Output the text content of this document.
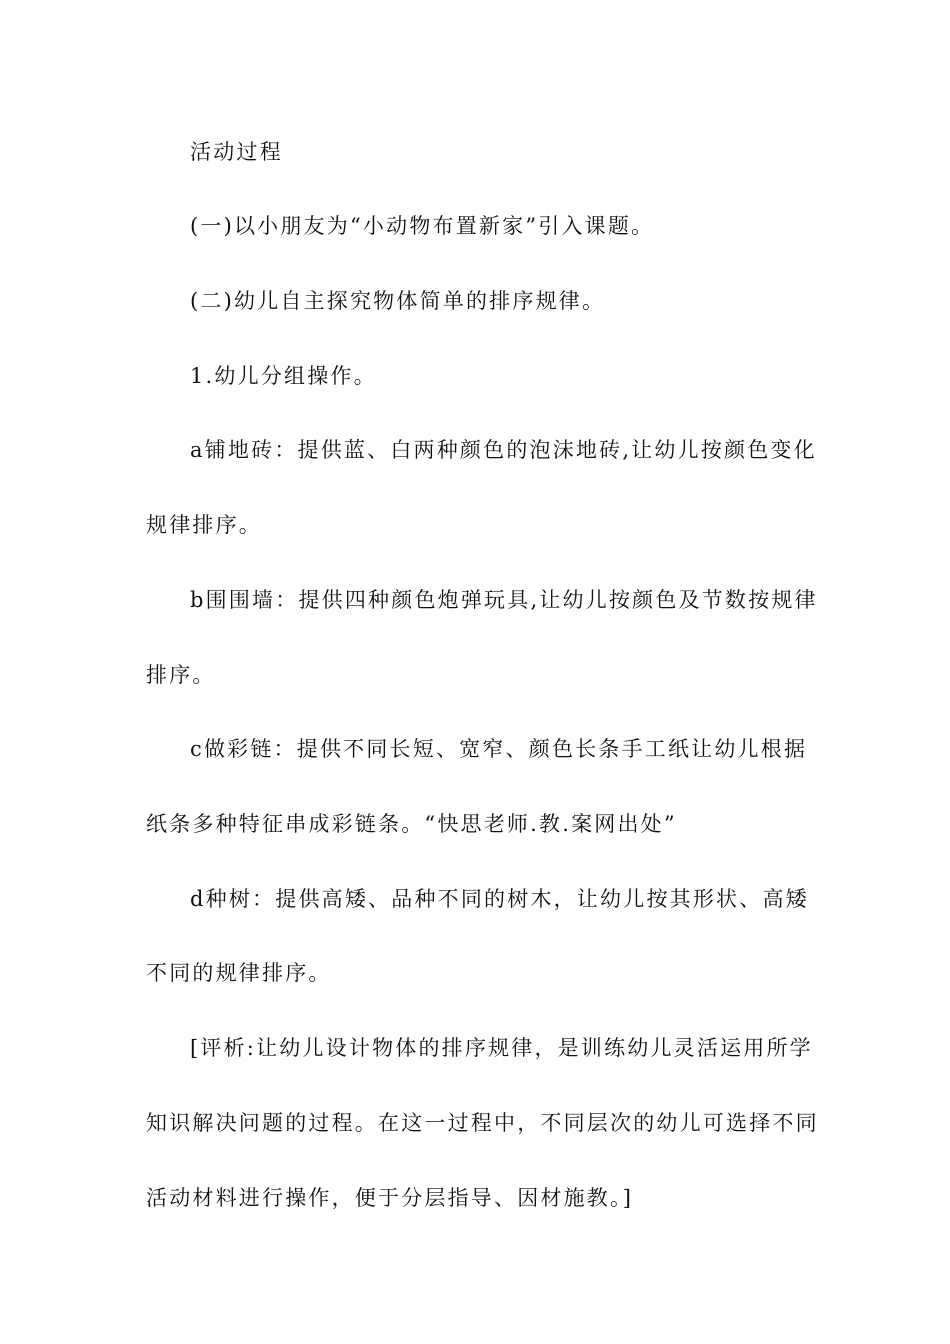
活动过程
(一)以小朋友为“小动物布置新家”引入课题。
(二)幼儿自主探究物体简单的排序规律。
1.幼儿分组操作。
a铺地砖：提供蓝、白两种颜色的泡沫地砖,让幼儿按颜色变化
规律排序。
b围围墙：提供四种颜色炮弹玩具,让幼儿按颜色及节数按规律
排序。
c做彩链：提供不同长短、宽窄、颜色长条手工纸让幼儿根据
纸条多种特征串成彩链条。“快思老师.教.案网出处”
d种树：提供高矮、品种不同的树木，让幼儿按其形状、高矮
不同的规律排序。
[评析:让幼儿设计物体的排序规律，是训练幼儿灵活运用所学
知识解决问题的过程。在这一过程中，不同层次的幼儿可选择不同
活动材料进行操作，便于分层指导、因材施教。]
